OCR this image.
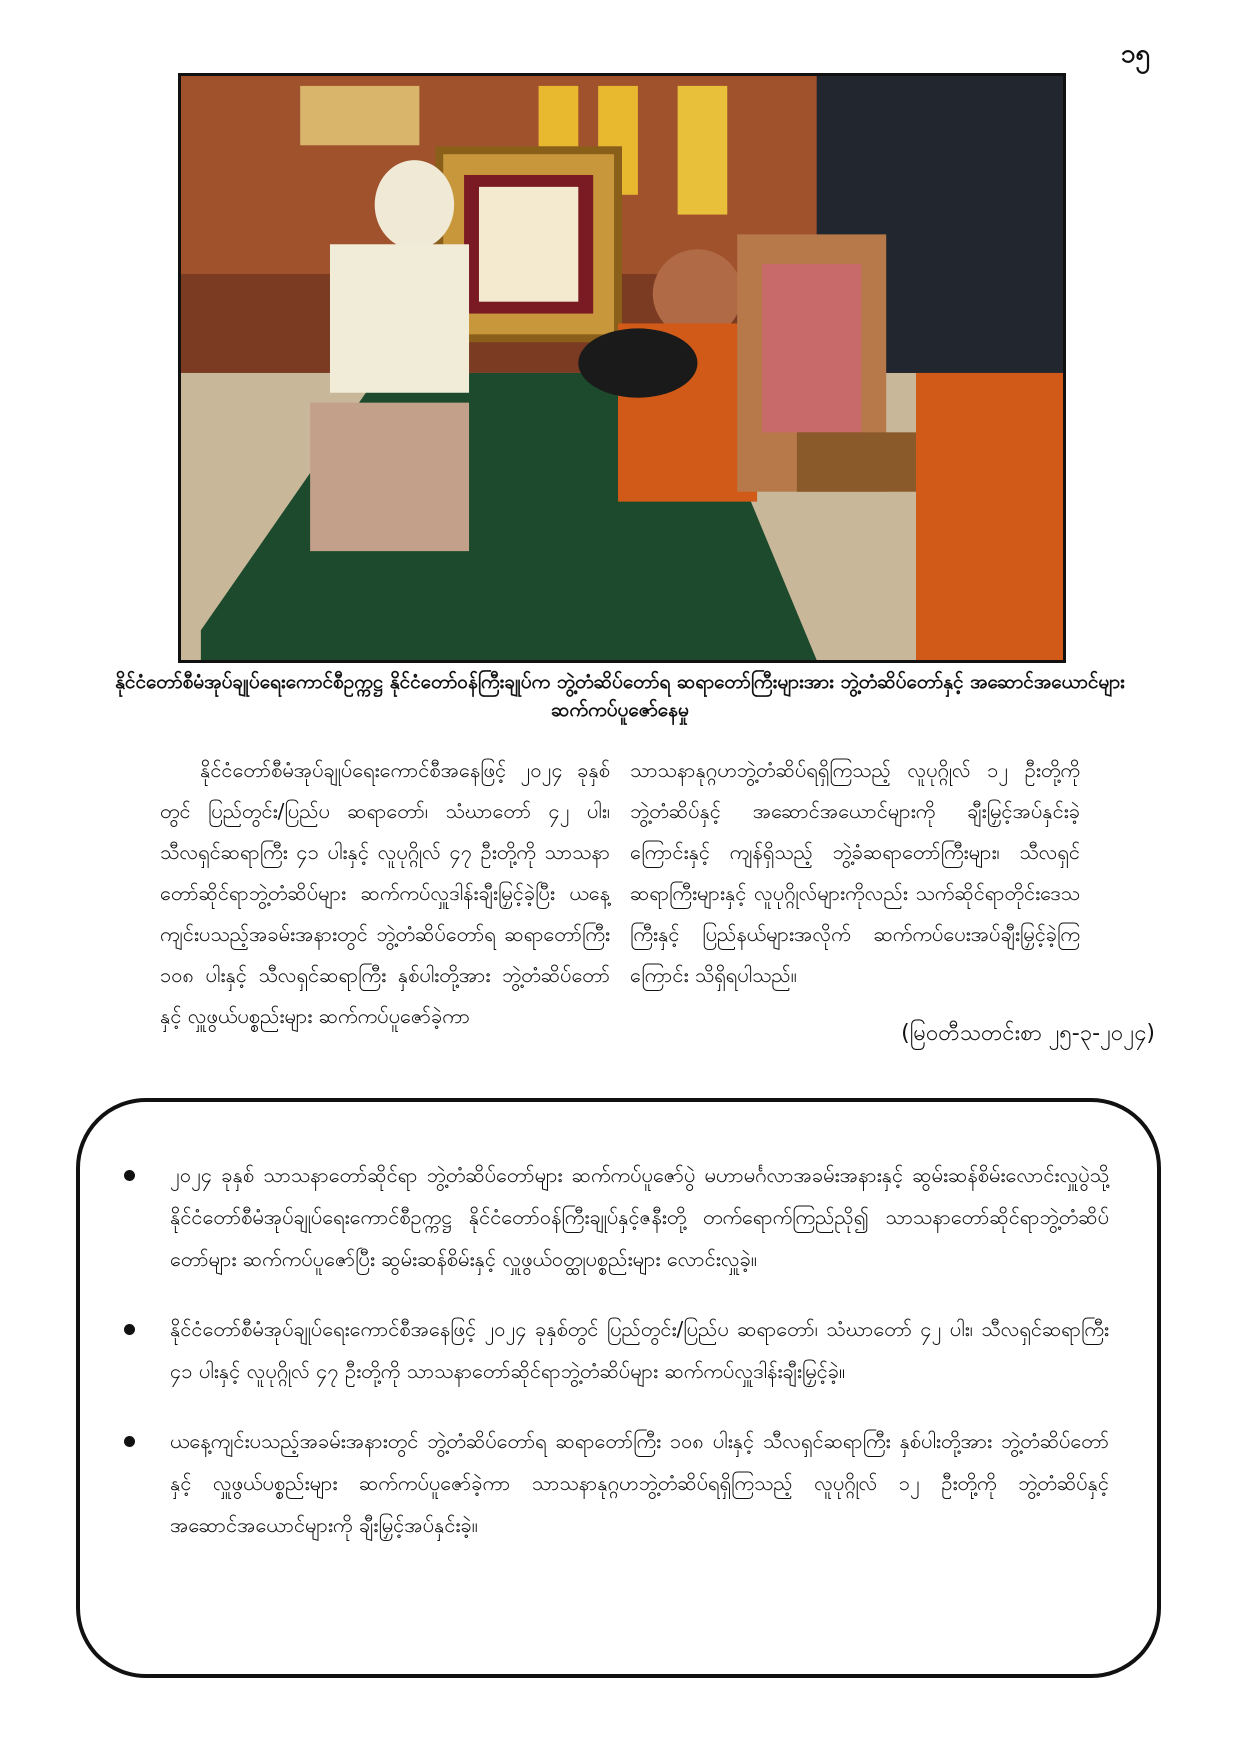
၁၅
နိုင်ငံတော်စီမံအုပ်ချုပ်ရေးကောင်စီဥက္ကဋ္ဌ နိုင်ငံတော်ဝန်ကြီးချုပ်က ဘွဲ့တံဆိပ်တော်ရ ဆရာတော်ကြီးများအား ဘွဲ့တံဆိပ်တော်နှင့် အဆောင်အယောင်များ ဆက်ကပ်ပူဇော်နေမှု
နိုင်ငံတော်စီမံအုပ်ချုပ်ရေးကောင်စီအနေဖြင့် ၂၀၂၄ ခုနှစ်တွင် ပြည်တွင်း/ပြည်ပ ဆရာတော်၊ သံဃာတော် ၄၂ ပါး၊ သီလရှင်ဆရာကြီး ၄၁ ပါးနှင့် လူပုဂ္ဂိုလ် ၄၇ ဦးတို့ကို သာသနာတော်ဆိုင်ရာဘွဲ့တံဆိပ်များ ဆက်ကပ်လှူဒါန်းချီးမြှင့်ခဲ့ပြီး ယနေ့ကျင်းပသည့်အခမ်းအနားတွင် ဘွဲ့တံဆိပ်တော်ရ ဆရာတော်ကြီး ၁၀၈ ပါးနှင့် သီလရှင်ဆရာကြီး နှစ်ပါးတို့အား ဘွဲ့တံဆိပ်တော်နှင့် လှူဖွယ်ပစ္စည်းများ ဆက်ကပ်ပူဇော်ခဲ့ကာ
သာသနာနုဂ္ဂဟဘွဲ့တံဆိပ်ရရှိကြသည့် လူပုဂ္ဂိုလ် ၁၂ ဦးတို့ကို ဘွဲ့တံဆိပ်နှင့် အဆောင်အယောင်များကို ချီးမြှင့်အပ်နှင်းခဲ့ကြောင်းနှင့် ကျန်ရှိသည့် ဘွဲ့ခံဆရာတော်ကြီးများ၊ သီလရှင်ဆရာကြီးများနှင့် လူပုဂ္ဂိုလ်များကိုလည်း သက်ဆိုင်ရာတိုင်းဒေသကြီးနှင့် ပြည်နယ်များအလိုက် ဆက်ကပ်ပေးအပ်ချီးမြှင့်ခဲ့ကြကြောင်း သိရှိရပါသည်။
(မြဝတီသတင်းစာ ၂၅-၃-၂၀၂၄)
၂၀၂၄ ခုနှစ် သာသနာတော်ဆိုင်ရာ ဘွဲ့တံဆိပ်တော်များ ဆက်ကပ်ပူဇော်ပွဲ မဟာမင်္ဂလာအခမ်းအနားနှင့် ဆွမ်းဆန်စိမ်းလောင်းလှူပွဲသို့ နိုင်ငံတော်စီမံအုပ်ချုပ်ရေးကောင်စီဥက္ကဋ္ဌ နိုင်ငံတော်ဝန်ကြီးချုပ်နှင့်ဇနီးတို့ တက်ရောက်ကြည်ညို၍ သာသနာတော်ဆိုင်ရာဘွဲ့တံဆိပ်တော်များ ဆက်ကပ်ပူဇော်ပြီး ဆွမ်းဆန်စိမ်းနှင့် လှူဖွယ်ဝတ္ထုပစ္စည်းများ လောင်းလှူခဲ့။
နိုင်ငံတော်စီမံအုပ်ချုပ်ရေးကောင်စီအနေဖြင့် ၂၀၂၄ ခုနှစ်တွင် ပြည်တွင်း/ပြည်ပ ဆရာတော်၊ သံဃာတော် ၄၂ ပါး၊ သီလရှင်ဆရာကြီး ၄၁ ပါးနှင့် လူပုဂ္ဂိုလ် ၄၇ ဦးတို့ကို သာသနာတော်ဆိုင်ရာဘွဲ့တံဆိပ်များ ဆက်ကပ်လှူဒါန်းချီးမြှင့်ခဲ့။
ယနေ့ကျင်းပသည့်အခမ်းအနားတွင် ဘွဲ့တံဆိပ်တော်ရ ဆရာတော်ကြီး ၁၀၈ ပါးနှင့် သီလရှင်ဆရာကြီး နှစ်ပါးတို့အား ဘွဲ့တံဆိပ်တော်နှင့် လှူဖွယ်ပစ္စည်းများ ဆက်ကပ်ပူဇော်ခဲ့ကာ သာသနာနုဂ္ဂဟဘွဲ့တံဆိပ်ရရှိကြသည့် လူပုဂ္ဂိုလ် ၁၂ ဦးတို့ကို ဘွဲ့တံဆိပ်နှင့် အဆောင်အယောင်များကို ချီးမြှင့်အပ်နှင်းခဲ့။
